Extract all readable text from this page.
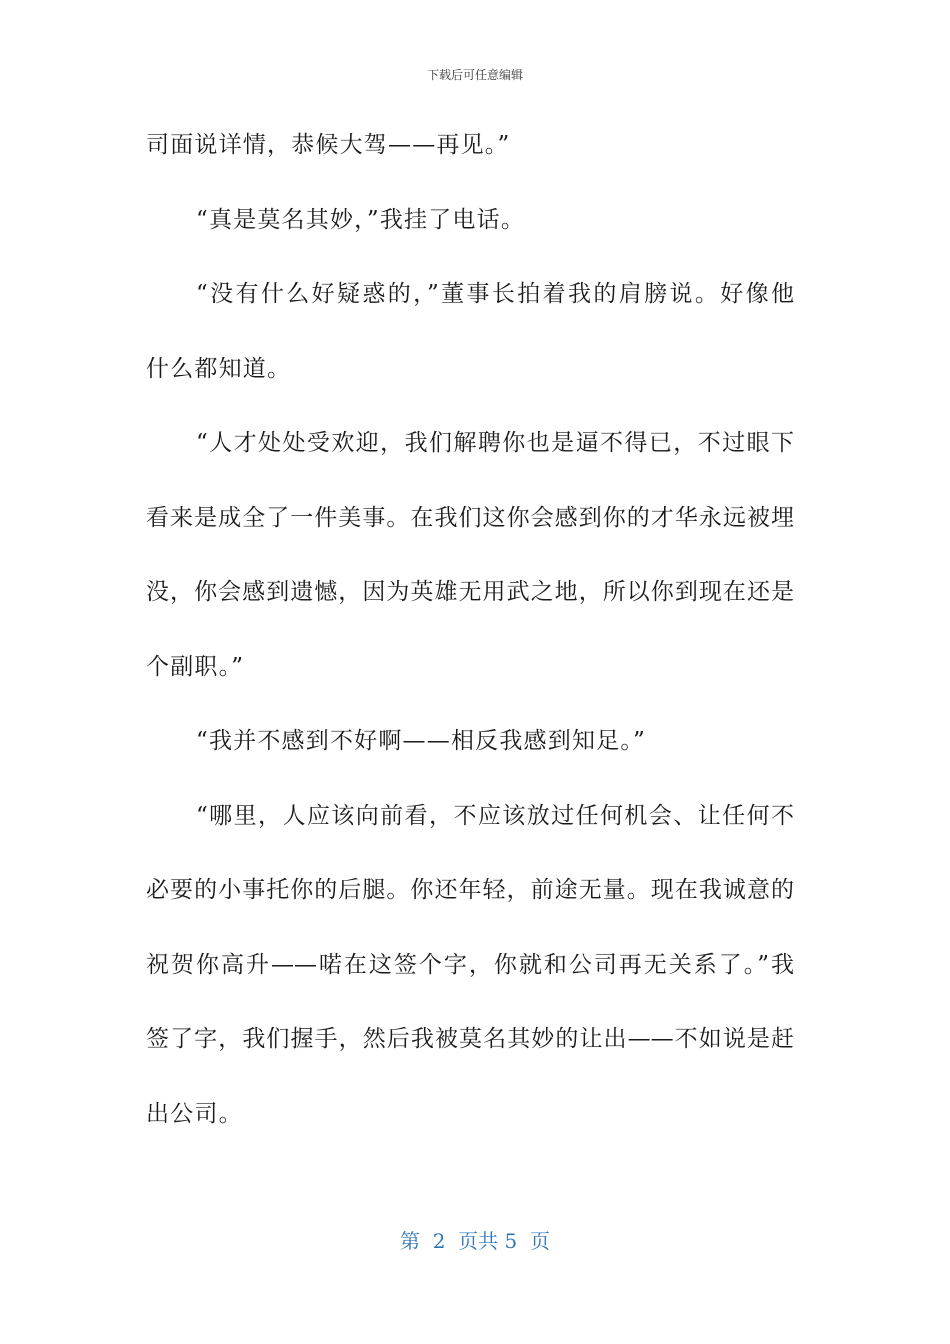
下载后可任意编辑
司面说详情，恭候大驾——再见。”
“真是莫名其妙，”我挂了电话。
“没有什么好疑惑的，”董事长拍着我的肩膀说。好像他
什么都知道。
“人才处处受欢迎，我们解聘你也是逼不得已，不过眼下
看来是成全了一件美事。在我们这你会感到你的才华永远被埋
没，你会感到遗憾，因为英雄无用武之地，所以你到现在还是
个副职。”
“我并不感到不好啊——相反我感到知足。”
“哪里，人应该向前看，不应该放过任何机会、让任何不
必要的小事托你的后腿。你还年轻，前途无量。现在我诚意的
祝贺你高升——喏在这签个字，你就和公司再无关系了。”我
签了字，我们握手，然后我被莫名其妙的让出——不如说是赶
出公司。
第  2  页共 5  页
